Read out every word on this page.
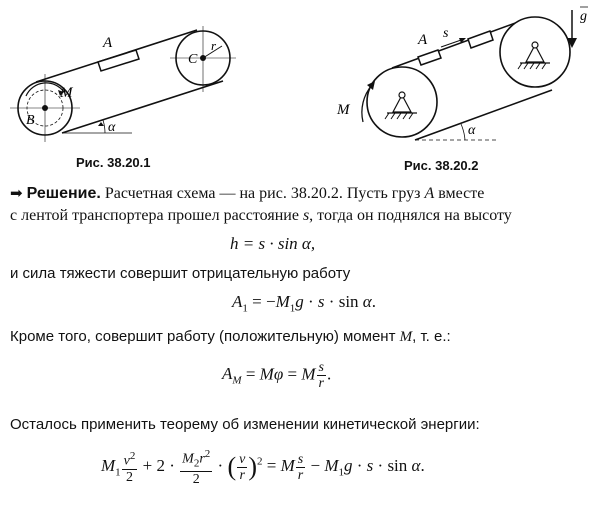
A
M
B
C
r
α
A s
M
g
α
Рис. 38.20.1	Рис. 38.20.2
➡ Решение. Расчетная схема — на рис. 38.20.2. Пусть груз A вместе
с лентой транспортера прошел расстояние s, тогда он поднялся на высоту
h = s · sin α,
и сила тяжести совершит отрицательную работу
$A_1 = -M_1g \cdot s \cdot \sin \alpha$.
Кроме того, совершит работу (положительную) момент M, т. е.:
$A_M = M\varphi = M \frac{s}{r}$ .
Осталось применить теорему об изменении кинетической энергии:
$M_1 \frac{v^2}{2} + 2 \cdot \frac{M_2r^2}{2}$ · ( $\frac{v}{r} )^2 = M \frac{s}{r} - M_1g \cdot s \cdot \sin \alpha$.
